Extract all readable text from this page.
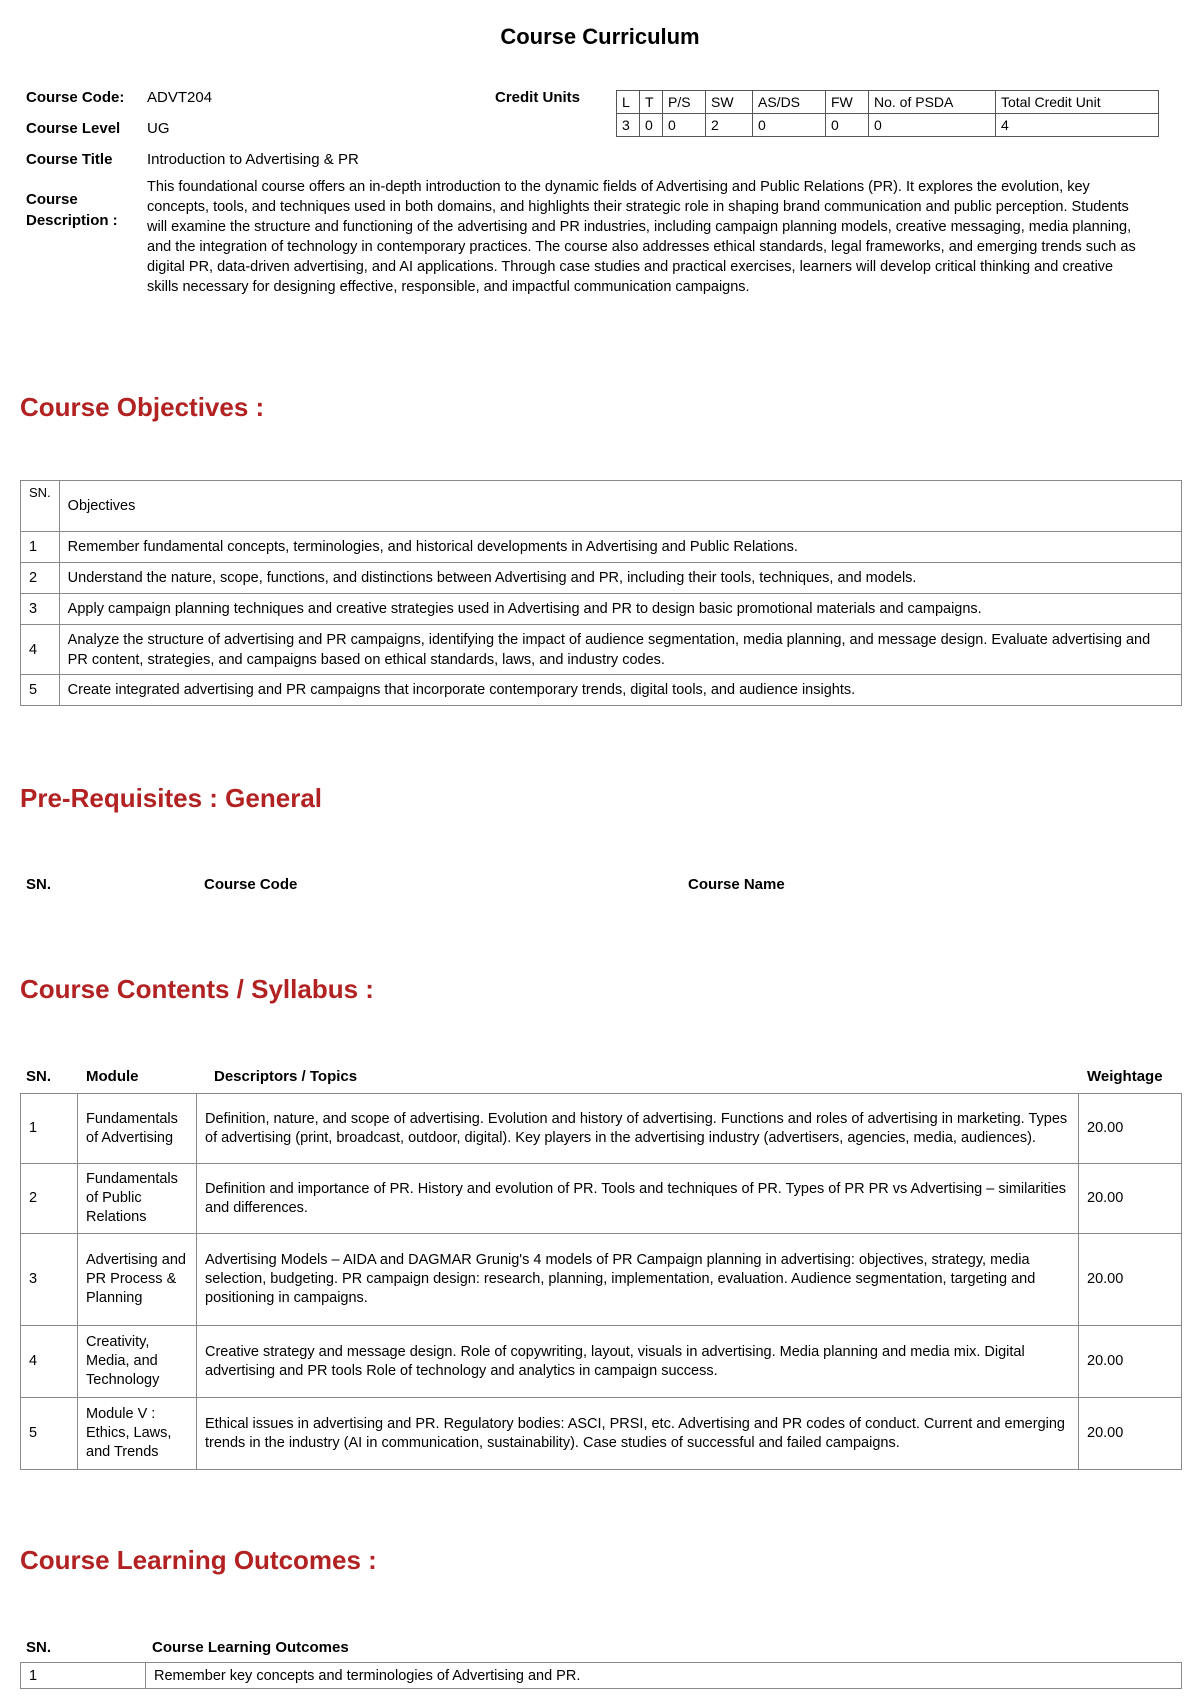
Course Curriculum
Course Code: ADVT204
Course Level UG
Course Title Introduction to Advertising & PR
Course Description :
This foundational course offers an in-depth introduction to the dynamic fields of Advertising and Public Relations (PR). It explores the evolution, key concepts, tools, and techniques used in both domains, and highlights their strategic role in shaping brand communication and public perception. Students will examine the structure and functioning of the advertising and PR industries, including campaign planning models, creative messaging, media planning, and the integration of technology in contemporary practices. The course also addresses ethical standards, legal frameworks, and emerging trends such as digital PR, data-driven advertising, and AI applications. Through case studies and practical exercises, learners will develop critical thinking and creative skills necessary for designing effective, responsible, and impactful communication campaigns.
Credit Units	L	T	P/S	SW	AS/DS	FW	No. of PSDA	Total Credit Unit
3	0	0	2	0	0	0	4
Course Objectives :
SN.	Objectives
1	Remember fundamental concepts, terminologies, and historical developments in Advertising and Public Relations.
2	Understand the nature, scope, functions, and distinctions between Advertising and PR, including their tools, techniques, and models.
3	Apply campaign planning techniques and creative strategies used in Advertising and PR to design basic promotional materials and campaigns.
4	Analyze the structure of advertising and PR campaigns, identifying the impact of audience segmentation, media planning, and message design. Evaluate advertising and PR content, strategies, and campaigns based on ethical standards, laws, and industry codes.
5	Create integrated advertising and PR campaigns that incorporate contemporary trends, digital tools, and audience insights.
Pre-Requisites : General
SN.	Course Code	Course Name
Course Contents / Syllabus :
SN. Module	Descriptors / Topics	Weightage
1	Fundamentals of Advertising	Definition, nature, and scope of advertising. Evolution and history of advertising. Functions and roles of advertising in marketing. Types of advertising (print, broadcast, outdoor, digital). Key players in the advertising industry (advertisers, agencies, media, audiences).	20.00
2	Fundamentals of Public Relations	Definition and importance of PR. History and evolution of PR. Tools and techniques of PR. Types of PR PR vs Advertising – similarities and differences.	20.00
3	Advertising and PR Process & Planning	Advertising Models – AIDA and DAGMAR Grunig's 4 models of PR Campaign planning in advertising: objectives, strategy, media selection, budgeting. PR campaign design: research, planning, implementation, evaluation. Audience segmentation, targeting and positioning in campaigns.	20.00
4	Creativity, Media, and Technology	Creative strategy and message design. Role of copywriting, layout, visuals in advertising. Media planning and media mix. Digital advertising and PR tools Role of technology and analytics in campaign success.	20.00
5	Module V : Ethics, Laws, and Trends	Ethical issues in advertising and PR. Regulatory bodies: ASCI, PRSI, etc. Advertising and PR codes of conduct. Current and emerging trends in the industry (AI in communication, sustainability). Case studies of successful and failed campaigns.	20.00
Course Learning Outcomes :
SN.	Course Learning Outcomes
1	Remember key concepts and terminologies of Advertising and PR.
